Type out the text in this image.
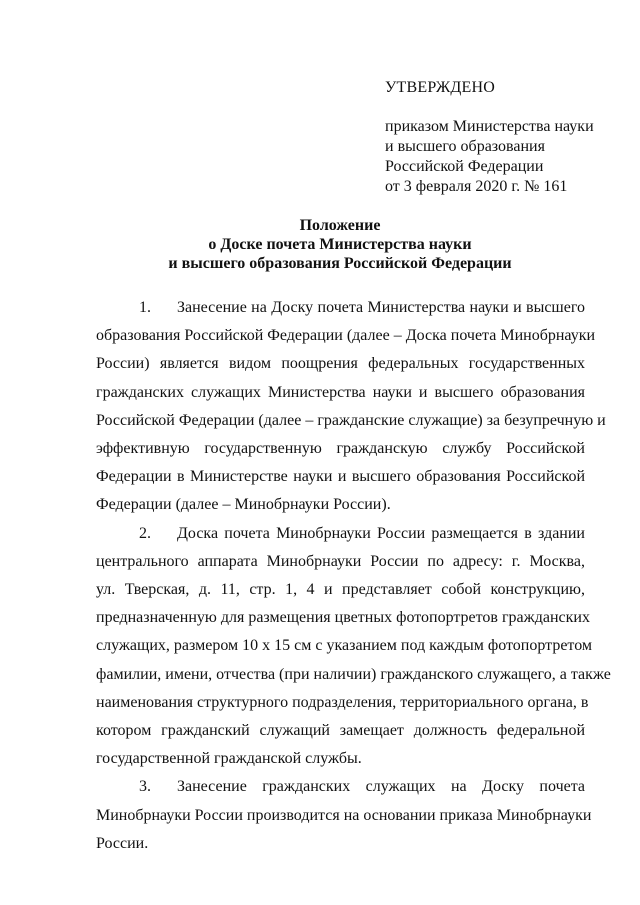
УТВЕРЖДЕНО
приказом Министерства науки
и высшего образования
Российской Федерации
от 3 февраля 2020 г. № 161
Положение
о Доске почета Министерства науки
и высшего образования Российской Федерации

1. Занесение на Доску почета Министерства науки и высшего
образования Российской Федерации (далее – Доска почета Минобрнауки
России) является видом поощрения федеральных государственных
гражданских служащих Министерства науки и высшего образования
Российской Федерации (далее – гражданские служащие) за безупречную и
эффективную государственную гражданскую службу Российской
Федерации в Министерстве науки и высшего образования Российской
Федерации (далее – Минобрнауки России).

2. Доска почета Минобрнауки России размещается в здании
центрального аппарата Минобрнауки России по адресу: г. Москва,
ул. Тверская, д. 11, стр. 1, 4 и представляет собой конструкцию,
предназначенную для размещения цветных фотопортретов гражданских
служащих, размером 10 х 15 см с указанием под каждым фотопортретом
фамилии, имени, отчества (при наличии) гражданского служащего, а также
наименования структурного подразделения, территориального органа, в
котором гражданский служащий замещает должность федеральной
государственной гражданской службы.

3. Занесение гражданских служащих на Доску почета
Минобрнауки России производится на основании приказа Минобрнауки
России.
